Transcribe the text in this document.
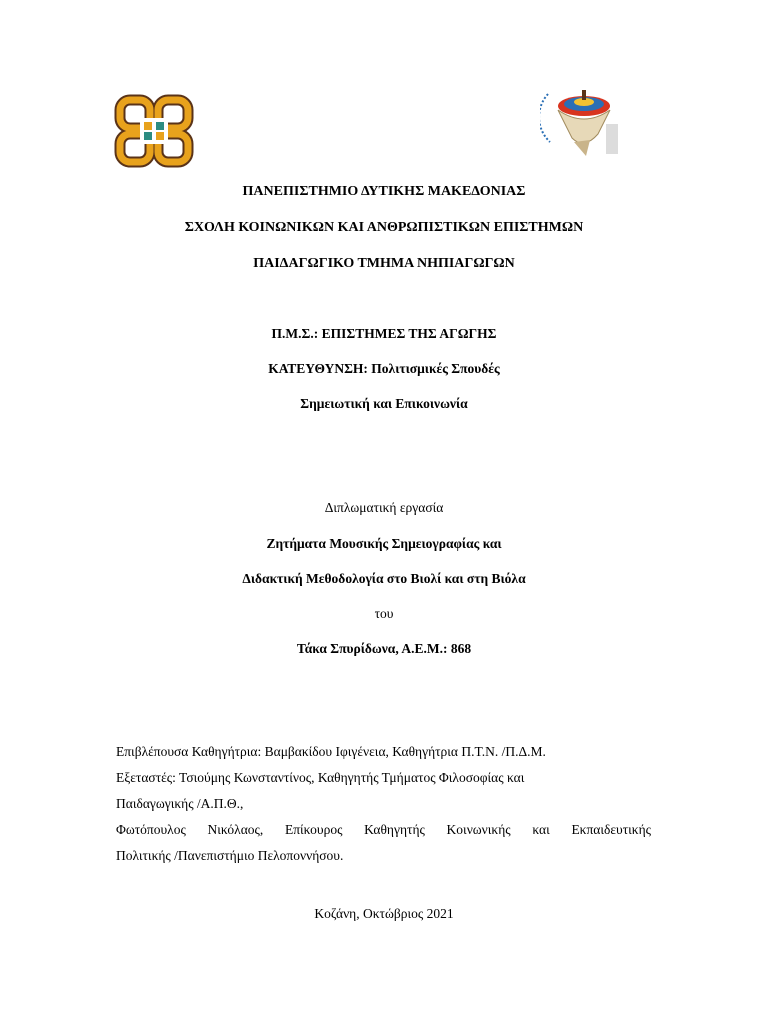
ΠΑΝΕΠΙΣΤΗΜΙΟ ΔΥΤΙΚΗΣ ΜΑΚΕΔΟΝΙΑΣ
ΣΧΟΛΗ ΚΟΙΝΩΝΙΚΩΝ ΚΑΙ ΑΝΘΡΩΠΙΣΤΙΚΩΝ ΕΠΙΣΤΗΜΩΝ
ΠΑΙΔΑΓΩΓΙΚΟ ΤΜΗΜΑ ΝΗΠΙΑΓΩΓΩΝ
Π.Μ.Σ.: ΕΠΙΣΤΗΜΕΣ ΤΗΣ ΑΓΩΓΗΣ
ΚΑΤΕΥΘΥΝΣΗ: Πολιτισμικές Σπουδές
Σημειωτική και Επικοινωνία
Διπλωματική εργασία
Ζητήματα Μουσικής Σημειογραφίας και
Διδακτική Μεθοδολογία στο Βιολί και στη Βιόλα
του
Τάκα Σπυρίδωνα, Α.Ε.Μ.: 868
Επιβλέπουσα Καθηγήτρια: Βαμβακίδου Ιφιγένεια, Καθηγήτρια Π.Τ.Ν. /Π.Δ.Μ.
Εξεταστές: Τσιούμης Κωνσταντίνος, Καθηγητής Τμήματος Φιλοσοφίας και
Παιδαγωγικής /Α.Π.Θ.,
Φωτόπουλος Νικόλαος, Επίκουρος Καθηγητής Κοινωνικής και Εκπαιδευτικής
Πολιτικής /Πανεπιστήμιο Πελοποννήσου.
Κοζάνη, Οκτώβριος 2021
